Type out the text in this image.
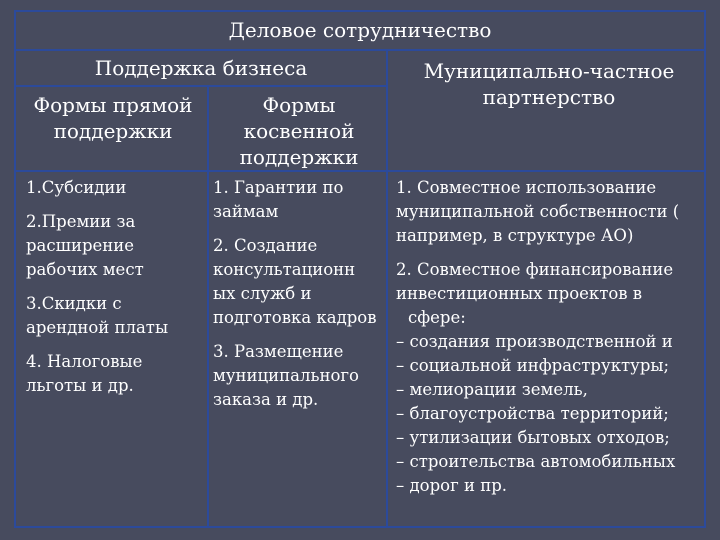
Деловое сотрудничество
Поддержка бизнеса	Муниципально-частное партнерство
Формы прямой поддержки
Формы косвенной поддержки

1.Субсидии

2.Премии за расширение рабочих мест

3.Скидки с арендной платы

4. Налоговые льготы и др.

1. Гарантии по займам

2. Создание консультационн ых служб и подготовка кадров

3. Размещение муниципального заказа и др.

1. Совместное использование муниципальной собственности ( например, в структуре АО)

2. Совместное финансирование инвестиционных проектов в

сфере:

– создания производственной и

– социальной инфраструктуры;

– мелиорации земель,

– благоустройства территорий;

– утилизации бытовых отходов;

– строительства автомобильных

– дорог и пр.
